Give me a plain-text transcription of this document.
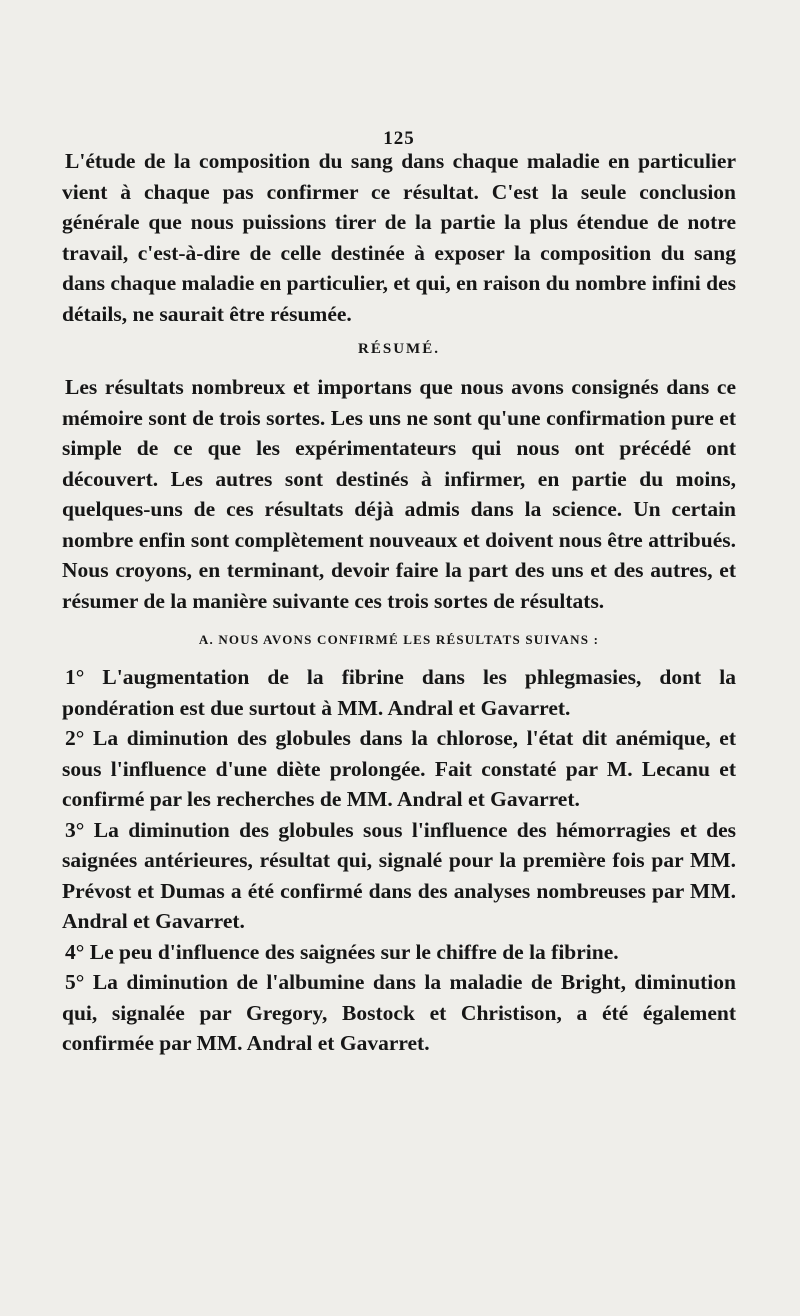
125

L'étude de la composition du sang dans chaque maladie en particulier vient à chaque pas confirmer ce résultat. C'est la seule conclusion générale que nous puissions tirer de la partie la plus étendue de notre travail, c'est-à-dire de celle destinée à exposer la composition du sang dans chaque maladie en particulier, et qui, en raison du nombre infini des détails, ne saurait être résumée.

RÉSUMÉ.

Les résultats nombreux et importans que nous avons consignés dans ce mémoire sont de trois sortes. Les uns ne sont qu'une confirmation pure et simple de ce que les expérimentateurs qui nous ont précédé ont découvert. Les autres sont destinés à infirmer, en partie du moins, quelques-uns de ces résultats déjà admis dans la science. Un certain nombre enfin sont complètement nouveaux et doivent nous être attribués. Nous croyons, en terminant, devoir faire la part des uns et des autres, et résumer de la manière suivante ces trois sortes de résultats.

A. NOUS AVONS CONFIRMÉ LES RÉSULTATS SUIVANS :

1° L'augmentation de la fibrine dans les phlegmasies, dont la pondération est due surtout à MM. Andral et Gavarret.

2° La diminution des globules dans la chlorose, l'état dit anémique, et sous l'influence d'une diète prolongée. Fait constaté par M. Lecanu et confirmé par les recherches de MM. Andral et Gavarret.

3° La diminution des globules sous l'influence des hémorragies et des saignées antérieures, résultat qui, signalé pour la première fois par MM. Prévost et Dumas a été confirmé dans des analyses nombreuses par MM. Andral et Gavarret.

4° Le peu d'influence des saignées sur le chiffre de la fibrine.

5° La diminution de l'albumine dans la maladie de Bright, diminution qui, signalée par Gregory, Bostock et Christison, a été également confirmée par MM. Andral et Gavarret.
